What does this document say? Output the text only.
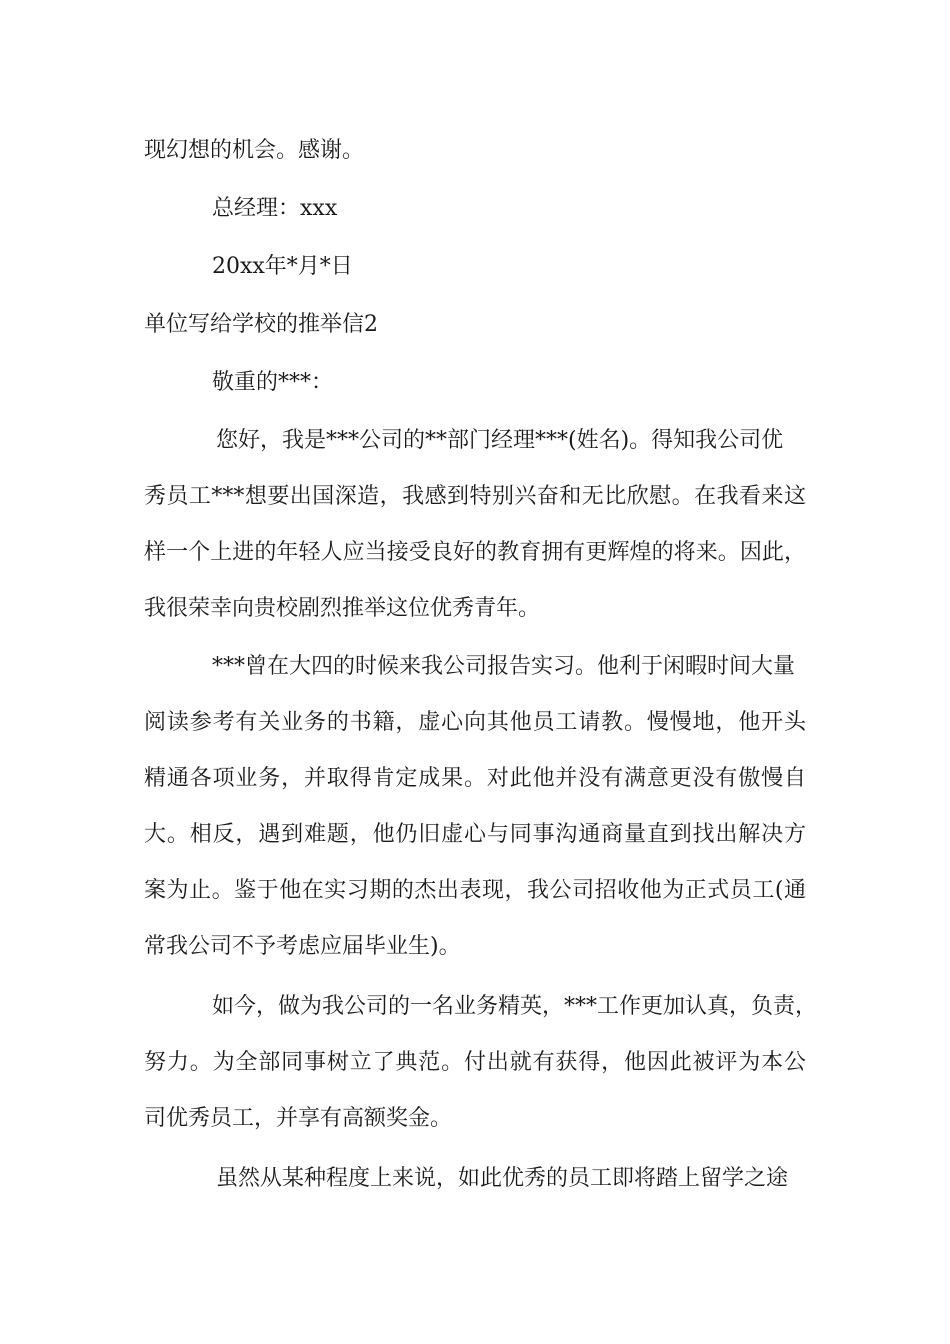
现幻想的机会。感谢。
总经理：xxx
20xx年*月*日
单位写给学校的推举信2
敬重的***：
您好，我是***公司的**部门经理***(姓名)。得知我公司优
秀员工***想要出国深造，我感到特别兴奋和无比欣慰。在我看来这
样一个上进的年轻人应当接受良好的教育拥有更辉煌的将来。因此，
我很荣幸向贵校剧烈推举这位优秀青年。
***曾在大四的时候来我公司报告实习。他利于闲暇时间大量
阅读参考有关业务的书籍，虚心向其他员工请教。慢慢地，他开头
精通各项业务，并取得肯定成果。对此他并没有满意更没有傲慢自
大。相反，遇到难题，他仍旧虚心与同事沟通商量直到找出解决方
案为止。鉴于他在实习期的杰出表现，我公司招收他为正式员工(通
常我公司不予考虑应届毕业生)。
如今，做为我公司的一名业务精英，***工作更加认真，负责，
努力。为全部同事树立了典范。付出就有获得，他因此被评为本公
司优秀员工，并享有高额奖金。
虽然从某种程度上来说，如此优秀的员工即将踏上留学之途
